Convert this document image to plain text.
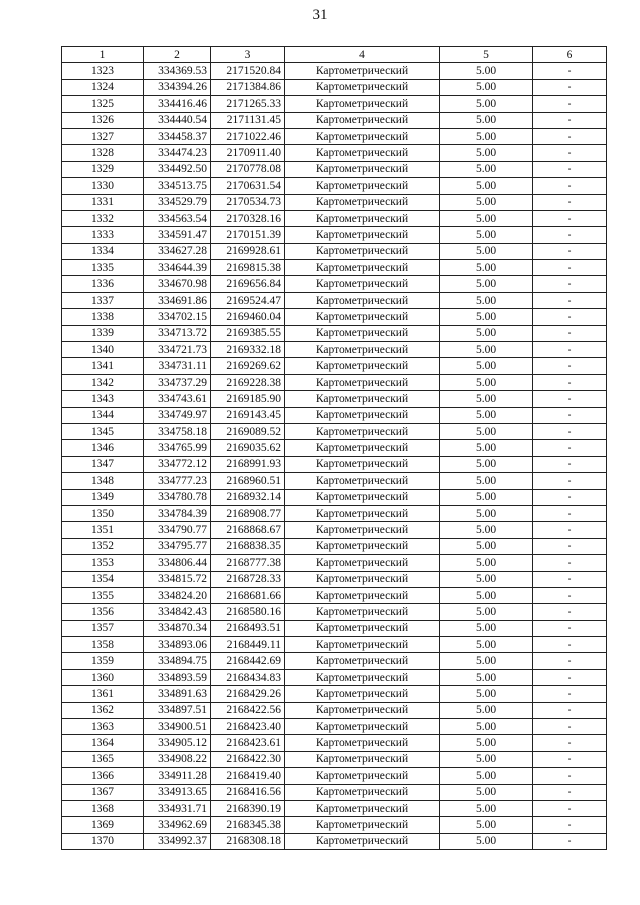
31
1	2	3	4	5	6
1323	334369.53	2171520.84	Картометрический	5.00	-
1324	334394.26	2171384.86	Картометрический	5.00	-
1325	334416.46	2171265.33	Картометрический	5.00	-
1326	334440.54	2171131.45	Картометрический	5.00	-
1327	334458.37	2171022.46	Картометрический	5.00	-
1328	334474.23	2170911.40	Картометрический	5.00	-
1329	334492.50	2170778.08	Картометрический	5.00	-
1330	334513.75	2170631.54	Картометрический	5.00	-
1331	334529.79	2170534.73	Картометрический	5.00	-
1332	334563.54	2170328.16	Картометрический	5.00	-
1333	334591.47	2170151.39	Картометрический	5.00	-
1334	334627.28	2169928.61	Картометрический	5.00	-
1335	334644.39	2169815.38	Картометрический	5.00	-
1336	334670.98	2169656.84	Картометрический	5.00	-
1337	334691.86	2169524.47	Картометрический	5.00	-
1338	334702.15	2169460.04	Картометрический	5.00	-
1339	334713.72	2169385.55	Картометрический	5.00	-
1340	334721.73	2169332.18	Картометрический	5.00	-
1341	334731.11	2169269.62	Картометрический	5.00	-
1342	334737.29	2169228.38	Картометрический	5.00	-
1343	334743.61	2169185.90	Картометрический	5.00	-
1344	334749.97	2169143.45	Картометрический	5.00	-
1345	334758.18	2169089.52	Картометрический	5.00	-
1346	334765.99	2169035.62	Картометрический	5.00	-
1347	334772.12	2168991.93	Картометрический	5.00	-
1348	334777.23	2168960.51	Картометрический	5.00	-
1349	334780.78	2168932.14	Картометрический	5.00	-
1350	334784.39	2168908.77	Картометрический	5.00	-
1351	334790.77	2168868.67	Картометрический	5.00	-
1352	334795.77	2168838.35	Картометрический	5.00	-
1353	334806.44	2168777.38	Картометрический	5.00	-
1354	334815.72	2168728.33	Картометрический	5.00	-
1355	334824.20	2168681.66	Картометрический	5.00	-
1356	334842.43	2168580.16	Картометрический	5.00	-
1357	334870.34	2168493.51	Картометрический	5.00	-
1358	334893.06	2168449.11	Картометрический	5.00	-
1359	334894.75	2168442.69	Картометрический	5.00	-
1360	334893.59	2168434.83	Картометрический	5.00	-
1361	334891.63	2168429.26	Картометрический	5.00	-
1362	334897.51	2168422.56	Картометрический	5.00	-
1363	334900.51	2168423.40	Картометрический	5.00	-
1364	334905.12	2168423.61	Картометрический	5.00	-
1365	334908.22	2168422.30	Картометрический	5.00	-
1366	334911.28	2168419.40	Картометрический	5.00	-
1367	334913.65	2168416.56	Картометрический	5.00	-
1368	334931.71	2168390.19	Картометрический	5.00	-
1369	334962.69	2168345.38	Картометрический	5.00	-
1370	334992.37	2168308.18	Картометрический	5.00	-
